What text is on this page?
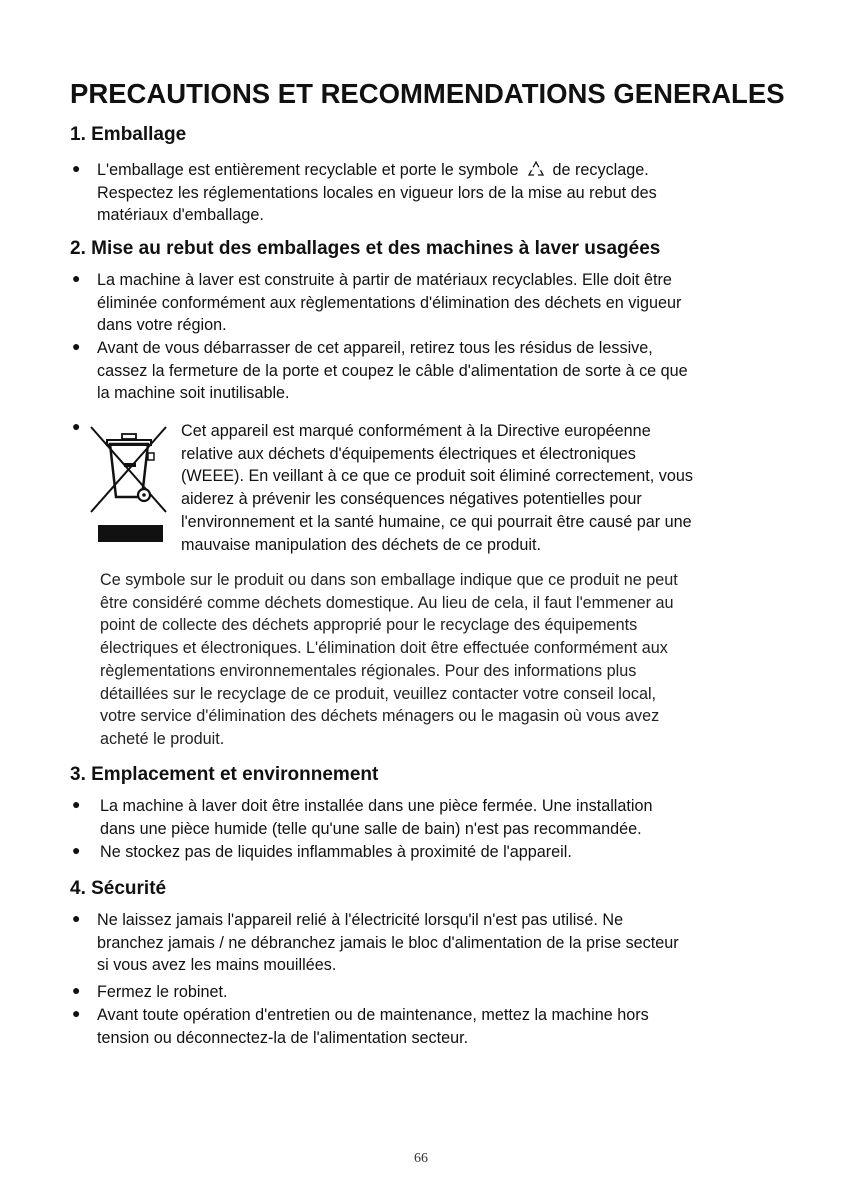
PRECAUTIONS ET RECOMMENDATIONS GENERALES
1. Emballage
● L'emballage est entièrement recyclable et porte le symbole de recyclage.
Respectez les réglementations locales en vigueur lors de la mise au rebut des
matériaux d'emballage.
2. Mise au rebut des emballages et des machines à laver usagées
● La machine à laver est construite à partir de matériaux recyclables. Elle doit être
éliminée conformément aux règlementations d'élimination des déchets en vigueur
dans votre région.
● Avant de vous débarrasser de cet appareil, retirez tous les résidus de lessive,
cassez la fermeture de la porte et coupez le câble d'alimentation de sorte à ce que
la machine soit inutilisable.
●	Cet appareil est marqué conformément à la Directive européenne
relative aux déchets d'équipements électriques et électroniques
(WEEE). En veillant à ce que ce produit soit éliminé correctement, vous
aiderez à prévenir les conséquences négatives potentielles pour
l'environnement et la santé humaine, ce qui pourrait être causé par une
mauvaise manipulation des déchets de ce produit.
Ce symbole sur le produit ou dans son emballage indique que ce produit ne peut
être considéré comme déchets domestique. Au lieu de cela, il faut l'emmener au
point de collecte des déchets approprié pour le recyclage des équipements
électriques et électroniques. L'élimination doit être effectuée conformément aux
règlementations environnementales régionales. Pour des informations plus
détaillées sur le recyclage de ce produit, veuillez contacter votre conseil local,
votre service d'élimination des déchets ménagers ou le magasin où vous avez
acheté le produit.
3. Emplacement et environnement
● La machine à laver doit être installée dans une pièce fermée. Une installation
dans une pièce humide (telle qu'une salle de bain) n'est pas recommandée.
● Ne stockez pas de liquides inflammables à proximité de l'appareil.
4. Sécurité
● Ne laissez jamais l'appareil relié à l'électricité lorsqu'il n'est pas utilisé. Ne
branchez jamais / ne débranchez jamais le bloc d'alimentation de la prise secteur
si vous avez les mains mouillées.
● Fermez le robinet.
● Avant toute opération d'entretien ou de maintenance, mettez la machine hors
tension ou déconnectez-la de l'alimentation secteur.
66
